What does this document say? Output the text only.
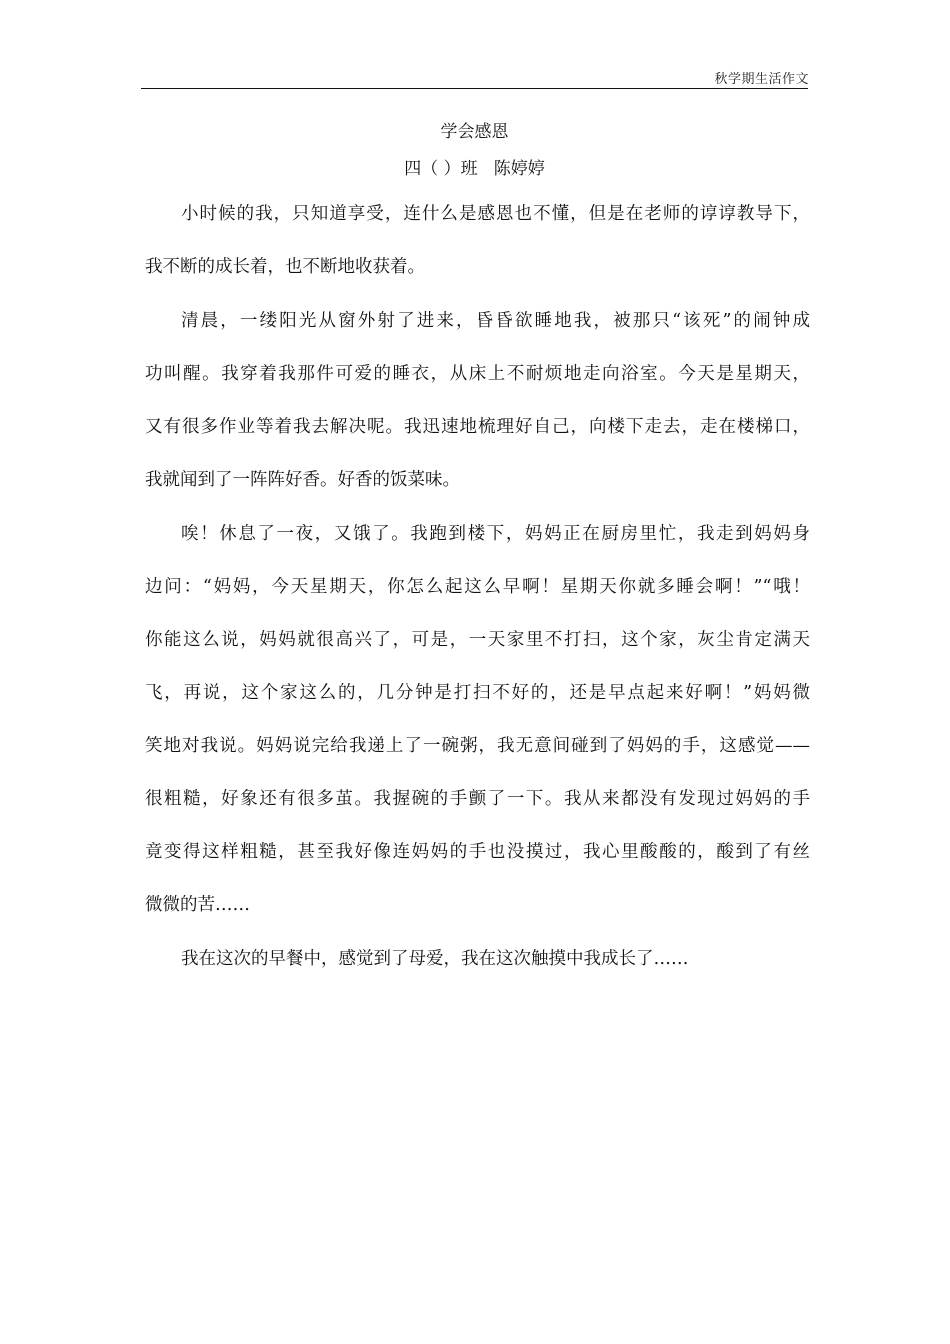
秋学期生活作文
学会感恩
四（ ）班   陈婷婷
小时候的我，只知道享受，连什么是感恩也不懂，但是在老师的谆谆教导下，
我不断的成长着，也不断地收获着。
清晨，一缕阳光从窗外射了进来，昏昏欲睡地我，被那只“该死”的闹钟成
功叫醒。我穿着我那件可爱的睡衣，从床上不耐烦地走向浴室。今天是星期天，
又有很多作业等着我去解决呢。我迅速地梳理好自己，向楼下走去，走在楼梯口，
我就闻到了一阵阵好香。好香的饭菜味。
唉！休息了一夜，又饿了。我跑到楼下，妈妈正在厨房里忙，我走到妈妈身
边问：“妈妈，今天星期天，你怎么起这么早啊！星期天你就多睡会啊！”“哦！
你能这么说，妈妈就很高兴了，可是，一天家里不打扫，这个家，灰尘肯定满天
飞，再说，这个家这么的，几分钟是打扫不好的，还是早点起来好啊！”妈妈微
笑地对我说。妈妈说完给我递上了一碗粥，我无意间碰到了妈妈的手，这感觉——
很粗糙，好象还有很多茧。我握碗的手颤了一下。我从来都没有发现过妈妈的手
竟变得这样粗糙，甚至我好像连妈妈的手也没摸过，我心里酸酸的，酸到了有丝
微微的苦……
我在这次的早餐中，感觉到了母爱，我在这次触摸中我成长了……
